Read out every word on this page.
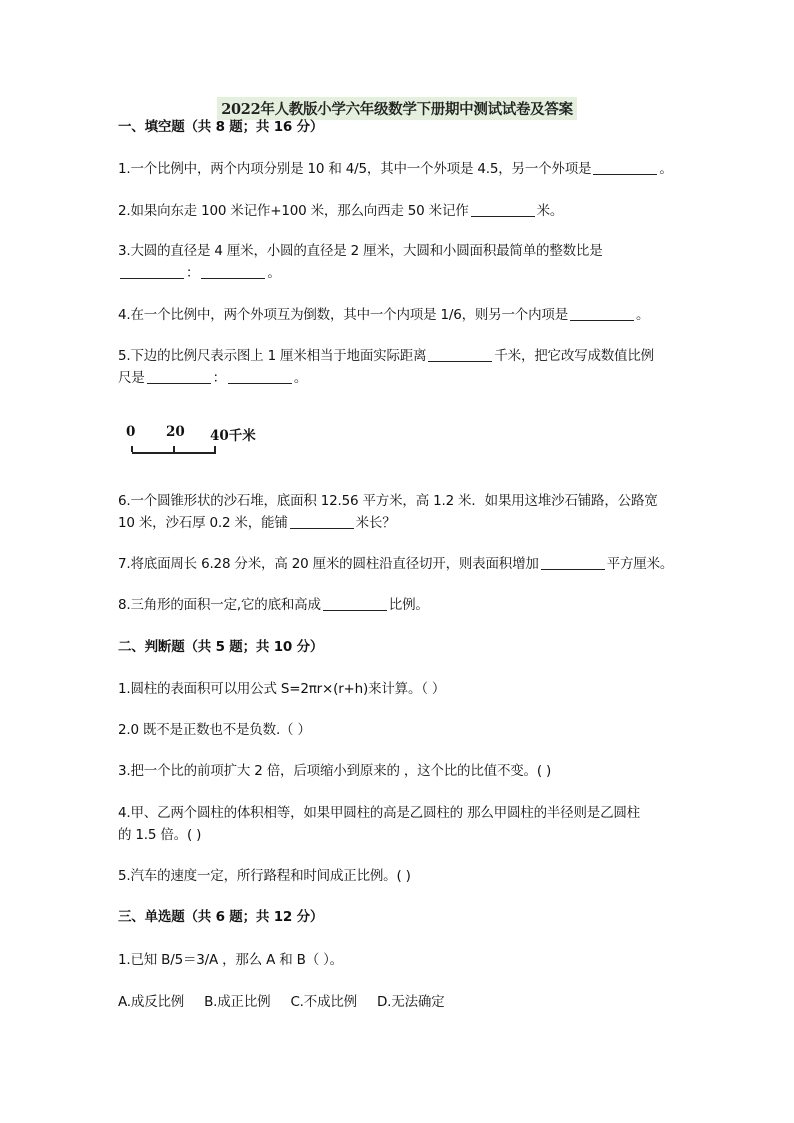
2022年人教版小学六年级数学下册期中测试试卷及答案
一、填空题（共 8 题；共 16 分）
1.一个比例中，两个内项分别是 10 和 4/5，其中一个外项是 4.5，另一个外项是	。
2.如果向东走 100 米记作+100 米，那么向西走 50 米记作	米。
3.大圆的直径是 4 厘米，小圆的直径是 2 厘米，大圆和小圆面积最简单的整数比是
：	。
4.在一个比例中，两个外项互为倒数，其中一个内项是 1/6，则另一个内项是	。
5.下边的比例尺表示图上 1 厘米相当于地面实际距离	千米，把它改写成数值比例
尺是	：	。
0 20 40千米
6.一个圆锥形状的沙石堆，底面积 12.56 平方米，高 1.2 米．如果用这堆沙石铺路，公路宽
10 米，沙石厚 0.2 米，能铺	米长？
7.将底面周长 6.28 分米，高 20 厘米的圆柱沿直径切开，则表面积增加	平方厘米。
8.三角形的面积一定,它的底和高成	比例。
二、判断题（共 5 题；共 10 分）
1.圆柱的表面积可以用公式 S=2πr×(r+h)来计算。（ ）
2.0 既不是正数也不是负数.（ ）
3.把一个比的前项扩大 2 倍，后项缩小到原来的 ，这个比的比值不变。( )
4.甲、乙两个圆柱的体积相等，如果甲圆柱的高是乙圆柱的 那么甲圆柱的半径则是乙圆柱
的 1.5 倍。( )
5.汽车的速度一定，所行路程和时间成正比例。( )
三、单选题（共 6 题；共 12 分）
1.已知 B/5＝3/A ，那么 A 和 B（ ）。
A.成反比例 B.成正比例 C.不成比例 D.无法确定
